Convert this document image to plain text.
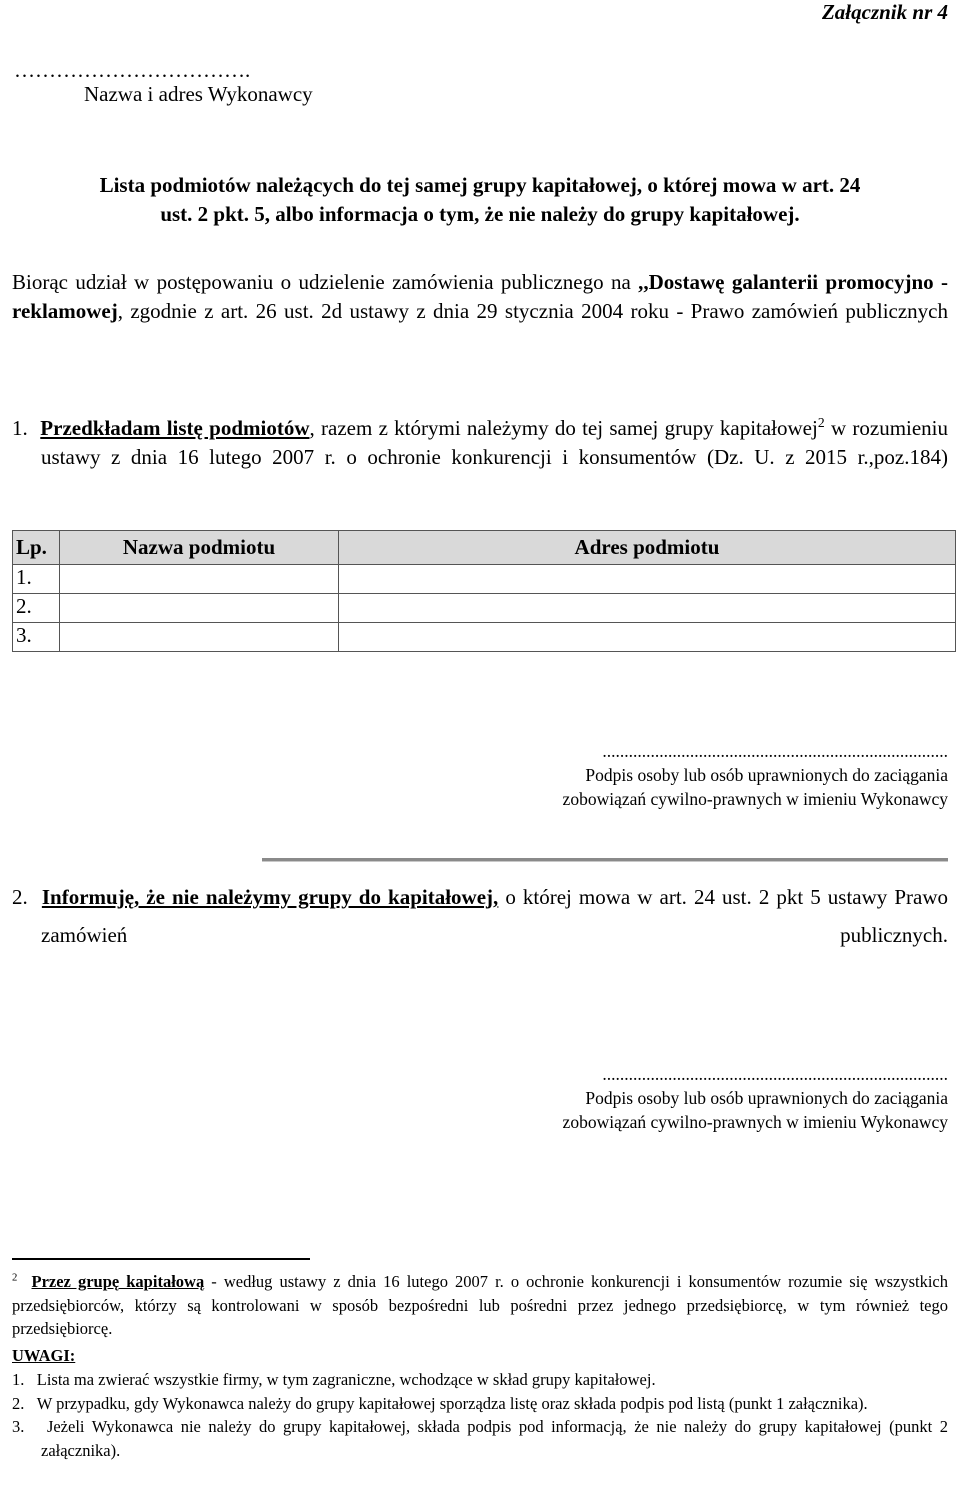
Załącznik nr 4
…………………………….
Nazwa i adres Wykonawcy
Lista podmiotów należących do tej samej grupy kapitałowej, o której mowa w art. 24
ust. 2 pkt. 5, albo informacja o tym, że nie należy do grupy kapitałowej.
Biorąc udział w postępowaniu o udzielenie zamówienia publicznego na ,,Dostawę galanterii promocyjno - reklamowej, zgodnie z art. 26 ust. 2d ustawy z dnia 29 stycznia 2004 roku - Prawo zamówień publicznych
1. Przedkładam listę podmiotów, razem z którymi należymy do tej samej grupy kapitałowej$^2$ w rozumieniu ustawy z dnia 16 lutego 2007 r. o ochronie konkurencji i konsumentów (Dz. U. z 2015 r.,poz.184)
Lp.	Nazwa podmiotu	Adres podmiotu
1.		
2.		
3.		
...............................................................................
Podpis osoby lub osób uprawnionych do zaciągania
zobowiązań cywilno-prawnych w imieniu Wykonawcy
2. Informuję, że nie należymy grupy do kapitałowej, o której mowa w art. 24 ust. 2 pkt 5 ustawy Prawo zamówień publicznych.
...............................................................................
Podpis osoby lub osób uprawnionych do zaciągania
zobowiązań cywilno-prawnych w imieniu Wykonawcy
$^2$ Przez grupę kapitałową - według ustawy z dnia 16 lutego 2007 r. o ochronie konkurencji i konsumentów rozumie się wszystkich przedsiębiorców, którzy są kontrolowani w sposób bezpośredni lub pośredni przez jednego przedsiębiorcę, w tym również tego przedsiębiorcę.
UWAGI:
1. Lista ma zwierać wszystkie firmy, w tym zagraniczne, wchodzące w skład grupy kapitałowej.
2. W przypadku, gdy Wykonawca należy do grupy kapitałowej sporządza listę oraz składa podpis pod listą (punkt 1 załącznika).
3. Jeżeli Wykonawca nie należy do grupy kapitałowej, składa podpis pod informacją, że nie należy do grupy kapitałowej (punkt 2 załącznika).
